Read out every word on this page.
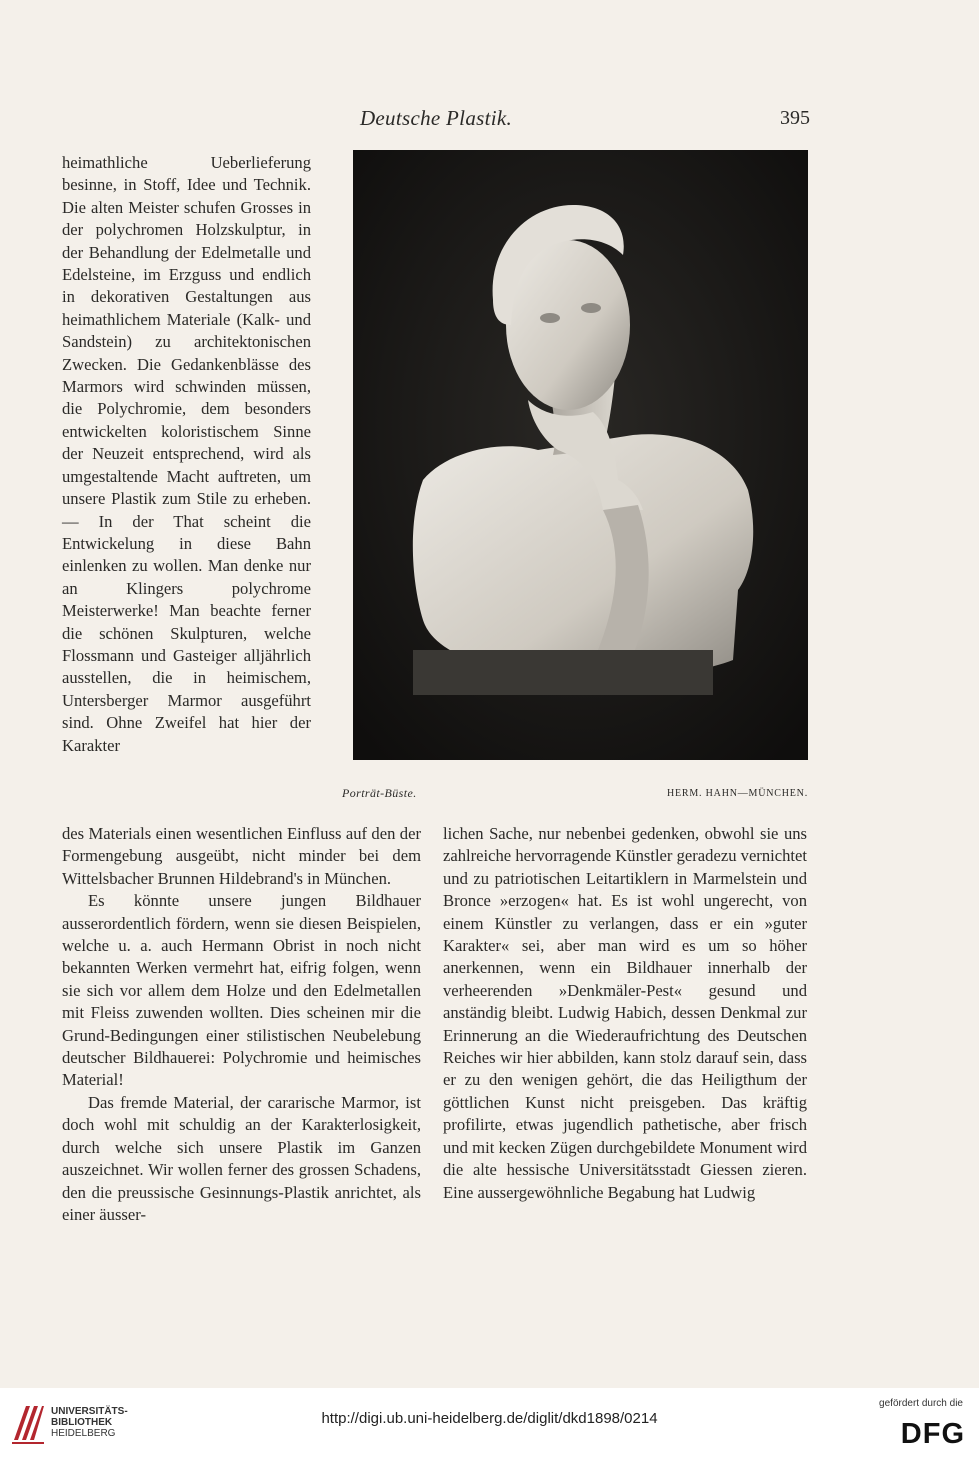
Deutsche Plastik.	395

heimathliche Ueberlieferung besinne, in Stoff, Idee und Technik. Die alten Meister schufen Grosses in der polychromen Holzskulptur, in der Behandlung der Edelmetalle und Edelsteine, im Erzguss und endlich in dekorativen Gestaltungen aus heimathlichem Materiale (Kalk- und Sandstein) zu architektonischen Zwecken. Die Gedankenblässe des Marmors wird schwinden müssen, die Polychromie, dem besonders entwickelten koloristischem Sinne der Neuzeit entsprechend, wird als umgestaltende Macht auftreten, um unsere Plastik zum Stile zu erheben. — In der That scheint die Entwickelung in diese Bahn einlenken zu wollen. Man denke nur an Klingers polychrome Meisterwerke! Man beachte ferner die schönen Skulpturen, welche Flossmann und Gasteiger alljährlich ausstellen, die in heimischem, Untersberger Marmor ausgeführt sind. Ohne Zweifel hat hier der Karakter

Porträt-Büste.	HERM. HAHN—MÜNCHEN.

des Materials einen wesentlichen Einfluss auf den der Formengebung ausgeübt, nicht minder bei dem Wittelsbacher Brunnen Hildebrand's in München.

Es könnte unsere jungen Bildhauer ausserordentlich fördern, wenn sie diesen Beispielen, welche u. a. auch Hermann Obrist in noch nicht bekannten Werken vermehrt hat, eifrig folgen, wenn sie sich vor allem dem Holze und den Edelmetallen mit Fleiss zuwenden wollten. Dies scheinen mir die Grund-Bedingungen einer stilistischen Neubelebung deutscher Bildhauerei: Polychromie und heimisches Material!

Das fremde Material, der cararische Marmor, ist doch wohl mit schuldig an der Karakterlosigkeit, durch welche sich unsere Plastik im Ganzen auszeichnet. Wir wollen ferner des grossen Schadens, den die preussische Gesinnungs-Plastik anrichtet, als einer äusser-

lichen Sache, nur nebenbei gedenken, obwohl sie uns zahlreiche hervorragende Künstler geradezu vernichtet und zu patriotischen Leitartiklern in Marmelstein und Bronce »erzogen« hat. Es ist wohl ungerecht, von einem Künstler zu verlangen, dass er ein »guter Karakter« sei, aber man wird es um so höher anerkennen, wenn ein Bildhauer innerhalb der verheerenden »Denkmäler-Pest« gesund und anständig bleibt. Ludwig Habich, dessen Denkmal zur Erinnerung an die Wiederaufrichtung des Deutschen Reiches wir hier abbilden, kann stolz darauf sein, dass er zu den wenigen gehört, die das Heiligthum der göttlichen Kunst nicht preisgeben. Das kräftig profilirte, etwas jugendlich pathetische, aber frisch und mit kecken Zügen durchgebildete Monument wird die alte hessische Universitätsstadt Giessen zieren. Eine aussergewöhnliche Begabung hat Ludwig

UNIVERSITÄTS-
BIBLIOTHEK
HEIDELBERG
http://digi.ub.uni-heidelberg.de/diglit/dkd1898/0214
gefördert durch die
DFG
